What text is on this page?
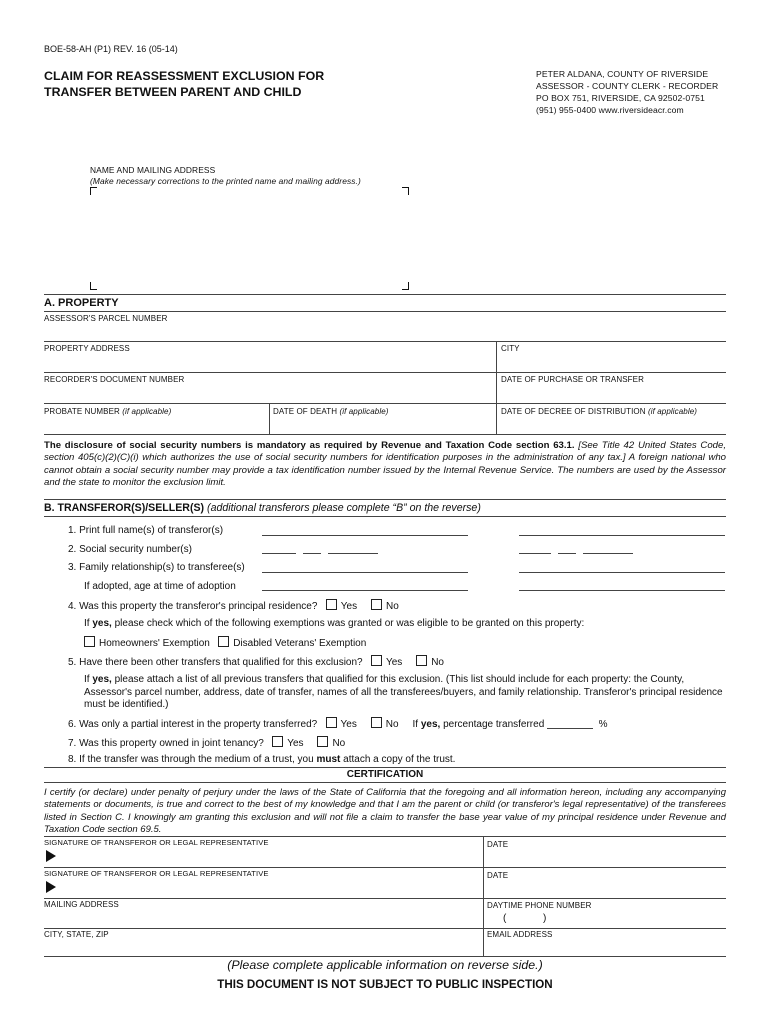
BOE-58-AH (P1) REV. 16 (05-14)
CLAIM FOR REASSESSMENT EXCLUSION FOR
TRANSFER BETWEEN PARENT AND CHILD
PETER ALDANA, COUNTY OF RIVERSIDE
ASSESSOR - COUNTY CLERK - RECORDER
PO BOX 751, RIVERSIDE, CA 92502-0751
(951) 955-0400 www.riversideacr.com
NAME AND MAILING ADDRESS
(Make necessary corrections to the printed name and mailing address.)
A. PROPERTY
ASSESSOR'S PARCEL NUMBER
PROPERTY ADDRESS	CITY
RECORDER'S DOCUMENT NUMBER	DATE OF PURCHASE OR TRANSFER
PROBATE NUMBER (if applicable)	DATE OF DEATH (if applicable)	DATE OF DECREE OF DISTRIBUTION (if applicable)
The disclosure of social security numbers is mandatory as required by Revenue and Taxation Code section 63.1. [See Title 42 United States Code, section 405(c)(2)(C)(i) which authorizes the use of social security numbers for identification purposes in the administration of any tax.] A foreign national who cannot obtain a social security number may provide a tax identification number issued by the Internal Revenue Service. The numbers are used by the Assessor and the state to monitor the exclusion limit.
B. TRANSFEROR(S)/SELLER(S) (additional transferors please complete “B” on the reverse)
1. Print full name(s) of transferor(s)
2. Social security number(s)
3. Family relationship(s) to transferee(s)
If adopted, age at time of adoption
4. Was this property the transferor's principal residence? Yes	No
If yes, please check which of the following exemptions was granted or was eligible to be granted on this property:
Homeowners' Exemption Disabled Veterans' Exemption
5. Have there been other transfers that qualified for this exclusion? Yes	No
If yes, please attach a list of all previous transfers that qualified for this exclusion. (This list should include for each property: the County, Assessor's parcel number, address, date of transfer, names of all the transferees/buyers, and family relationship. Transferor's principal residence must be identified.)
6. Was only a partial interest in the property transferred? Yes	No If yes, percentage transferred	%
7. Was this property owned in joint tenancy? Yes	No
8. If the transfer was through the medium of a trust, you must attach a copy of the trust.
CERTIFICATION
I certify (or declare) under penalty of perjury under the laws of the State of California that the foregoing and all information hereon, including any accompanying statements or documents, is true and correct to the best of my knowledge and that I am the parent or child (or transferor's legal representative) of the transferees listed in Section C. I knowingly am granting this exclusion and will not file a claim to transfer the base year value of my principal residence under Revenue and Taxation Code section 69.5.
SIGNATURE OF TRANSFEROR OR LEGAL REPRESENTATIVE	DATE
SIGNATURE OF TRANSFEROR OR LEGAL REPRESENTATIVE	DATE
MAILING ADDRESS	DAYTIME PHONE NUMBER
(	)
CITY, STATE, ZIP	EMAIL ADDRESS
(Please complete applicable information on reverse side.)
THIS DOCUMENT IS NOT SUBJECT TO PUBLIC INSPECTION
